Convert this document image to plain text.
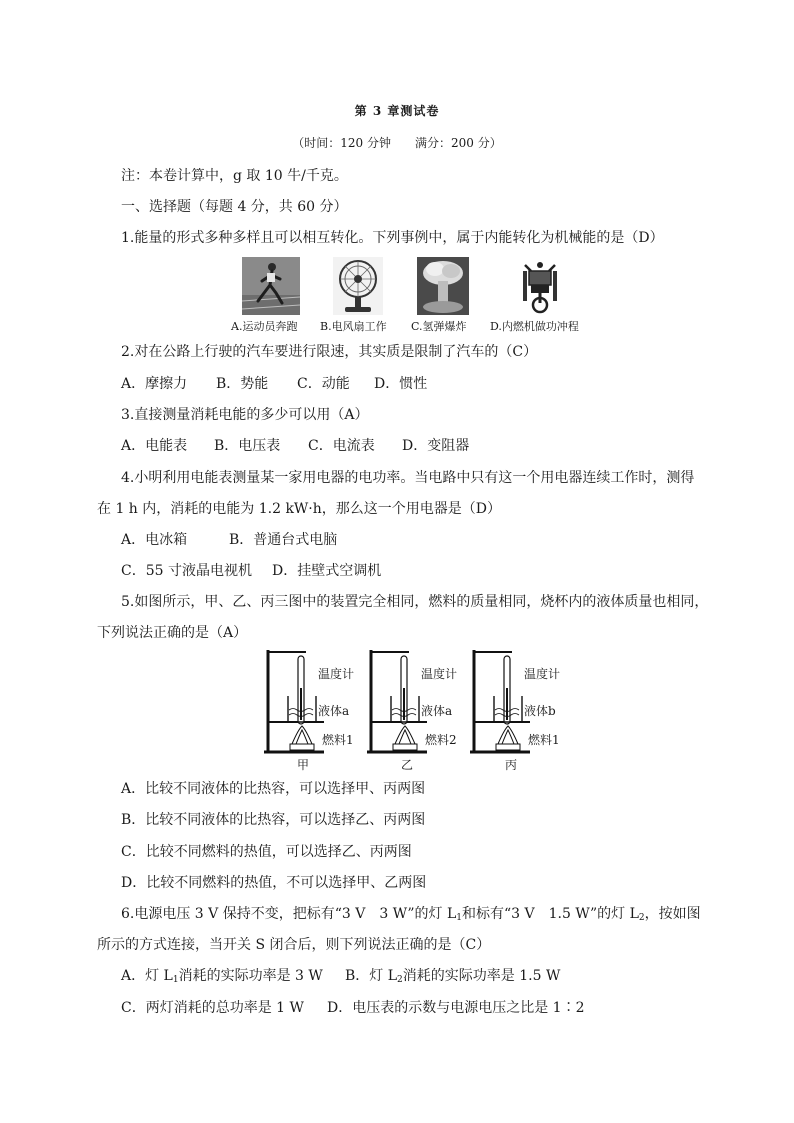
第 3 章测试卷
（时间：120 分钟　　满分：200 分）
注：本卷计算中，g 取 10 牛/千克。
一、选择题（每题 4 分，共 60 分）
1.能量的形式多种多样且可以相互转化。下列事例中，属于内能转化为机械能的是（D）
A.运动员奔跑 B.电风扇工作 C.氢弹爆炸 D.内燃机做功冲程
2.对在公路上行驶的汽车要进行限速，其实质是限制了汽车的（C）
A．摩擦力 B．势能 C．动能 D．惯性
3.直接测量消耗电能的多少可以用（A）
A．电能表 B．电压表 C．电流表 D．变阻器
4.小明利用电能表测量某一家用电器的电功率。当电路中只有这一个用电器连续工作时，测得
在 1 h 内，消耗的电能为 1.2 kW·h，那么这一个用电器是（D）
A．电冰箱	B．普通台式电脑
C．55 寸液晶电视机 D．挂壁式空调机
5.如图所示，甲、乙、丙三图中的装置完全相同，燃料的质量相同，烧杯内的液体质量也相同，
下列说法正确的是（A）
温度计
液体a
燃料1
甲
温度计
液体a
燃料2
乙
温度计
液体b
燃料1
丙
A．比较不同液体的比热容，可以选择甲、丙两图
B．比较不同液体的比热容，可以选择乙、丙两图
C．比较不同燃料的热值，可以选择乙、丙两图
D．比较不同燃料的热值，不可以选择甲、乙两图
6.电源电压 3 V 保持不变，把标有“3 V　3 W”的灯 $L_1$和标有“3 V　1.5 W”的灯 $L_2$，按如图
所示的方式连接，当开关 S 闭合后，则下列说法正确的是（C）
A．灯 $L_1$消耗的实际功率是 3 W B．灯 $L_2$消耗的实际功率是 1.5 W
C．两灯消耗的总功率是 1 W D．电压表的示数与电源电压之比是 1∶2
